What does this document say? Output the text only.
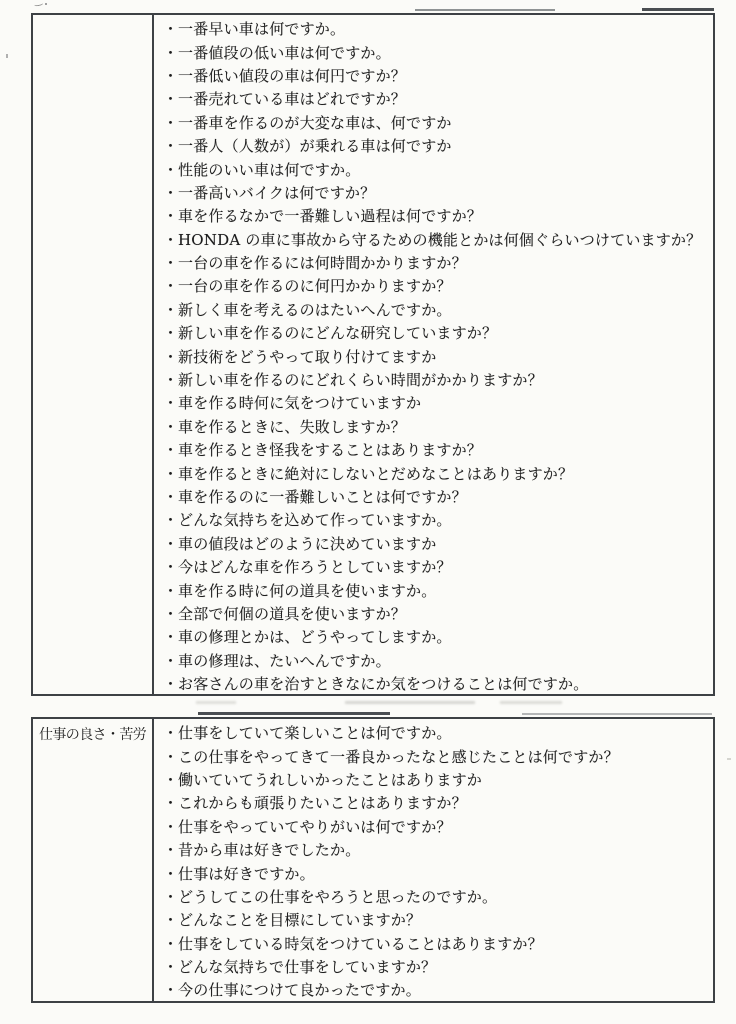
・ 一番早い車は何ですか。
・ 一番値段の低い車は何ですか。
・ 一番低い値段の車は何円ですか？
・ 一番売れている車はどれですか？
・ 一番車を作るのが大変な車は、何ですか
・ 一番人（人数が）が乗れる車は何ですか
・ 性能のいい車は何ですか。
・ 一番高いバイクは何ですか？
・ 車を作るなかで一番難しい過程は何ですか？
・ HONDA の車に事故から守るための機能とかは何個ぐらいつけていますか？
・ 一台の車を作るには何時間かかりますか？
・ 一台の車を作るのに何円かかりますか？
・ 新しく車を考えるのはたいへんですか。
・ 新しい車を作るのにどんな研究していますか？
・ 新技術をどうやって取り付けてますか
・ 新しい車を作るのにどれくらい時間がかかりますか？
・ 車を作る時何に気をつけていますか
・ 車を作るときに、失敗しますか？
・ 車を作るとき怪我をすることはありますか？
・ 車を作るときに絶対にしないとだめなことはありますか？
・ 車を作るのに一番難しいことは何ですか？
・ どんな気持ちを込めて作っていますか。
・ 車の値段はどのように決めていますか
・ 今はどんな車を作ろうとしていますか？
・ 車を作る時に何の道具を使いますか。
・ 全部で何個の道具を使いますか？
・ 車の修理とかは、どうやってしますか。
・ 車の修理は、たいへんですか。
・ お客さんの車を治すときなにか気をつけることは何ですか。
仕事の良さ・苦労	・ 仕事をしていて楽しいことは何ですか。
・ この仕事をやってきて一番良かったなと感じたことは何ですか？
・ 働いていてうれしいかったことはありますか
・ これからも頑張りたいことはありますか？
・ 仕事をやっていてやりがいは何ですか？
・ 昔から車は好きでしたか。
・ 仕事は好きですか。
・ どうしてこの仕事をやろうと思ったのですか。
・ どんなことを目標にしていますか？
・ 仕事をしている時気をつけていることはありますか？
・ どんな気持ちで仕事をしていますか？
・ 今の仕事につけて良かったですか。
